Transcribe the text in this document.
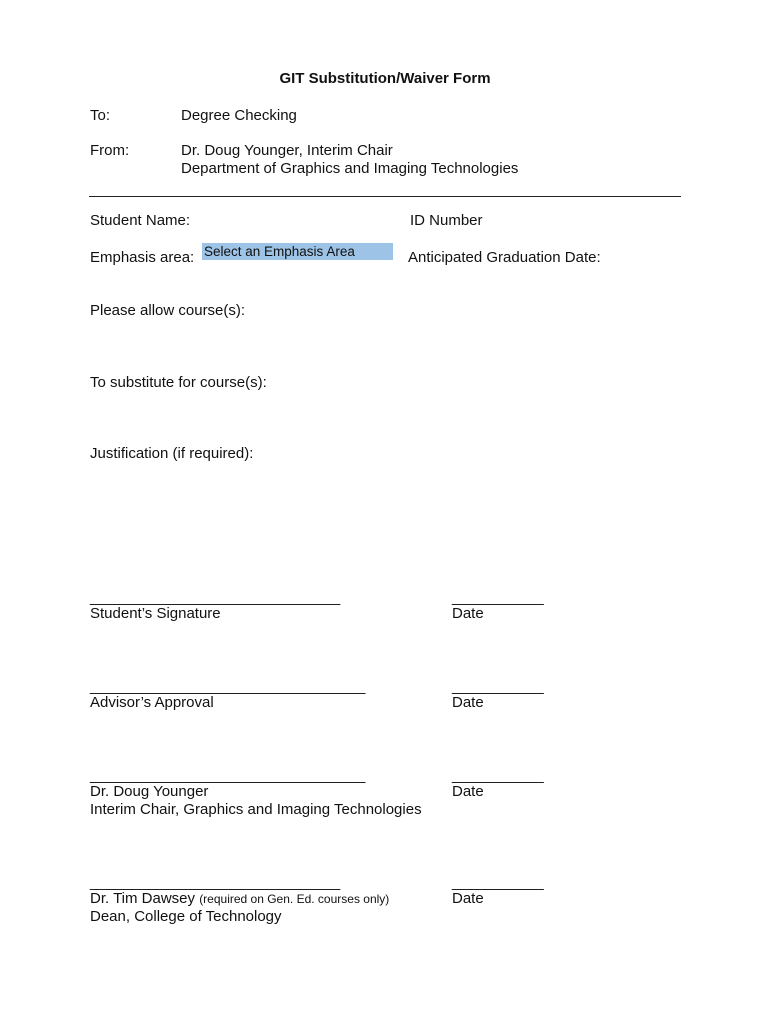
GIT Substitution/Waiver Form
To:	Degree Checking
From:	Dr. Doug Younger, Interim Chair
Department of Graphics and Imaging Technologies
Student Name:	ID Number
Emphasis area: Select an Emphasis Area	Anticipated Graduation Date:
Please allow course(s):
To substitute for course(s):
Justification (if required):
______________________________
Student’s Signature
___________
Date
_________________________________
Advisor’s Approval
___________
Date
_________________________________
Dr. Doug Younger
Interim Chair, Graphics and Imaging Technologies
___________
Date
______________________________
Dr. Tim Dawsey (required on Gen. Ed. courses only)
Dean, College of Technology
___________
Date
